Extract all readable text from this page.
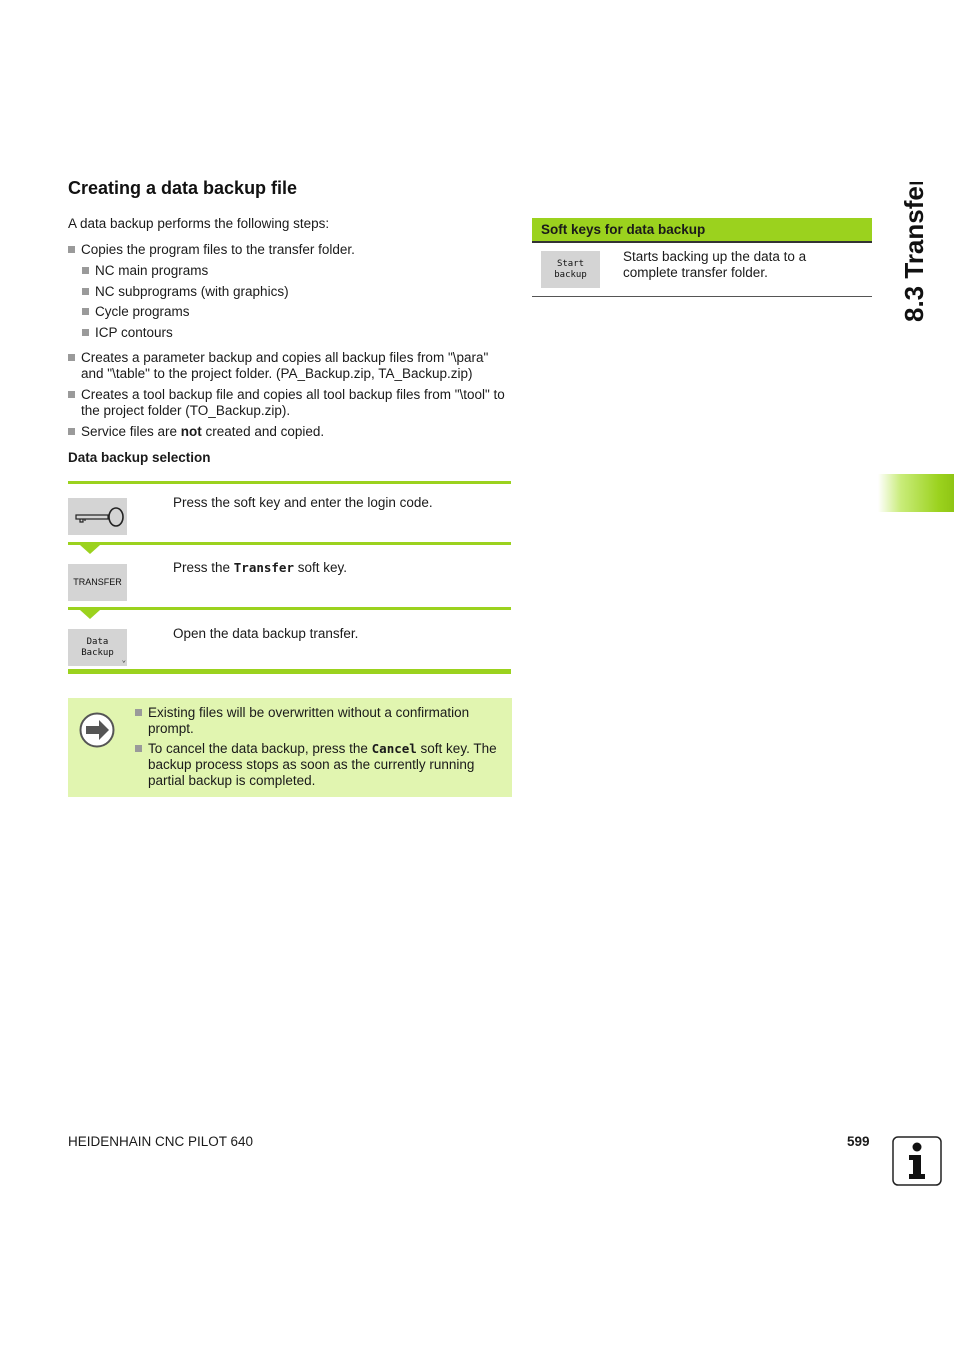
Creating a data backup file
A data backup performs the following steps:
Copies the program files to the transfer folder.
NC main programs
NC subprograms (with graphics)
Cycle programs
ICP contours
Creates a parameter backup and copies all backup files from "\para" and "\table" to the project folder. (PA_Backup.zip, TA_Backup.zip)
Creates a tool backup file and copies all tool backup files from "\tool" to the project folder (TO_Backup.zip).
Service files are not created and copied.
Data backup selection
Press the soft key and enter the login code.
TRANSFER
Press the Transfer soft key.
Data
Backup
⌄
Open the data backup transfer.
Existing files will be overwritten without a confirmation prompt.
To cancel the data backup, press the Cancel soft key. The backup process stops as soon as the currently running partial backup is completed.
Soft keys for data backup
Start
backup
Starts backing up the data to a complete transfer folder.	8.3 Transfer
HEIDENHAIN CNC PILOT 640	599
